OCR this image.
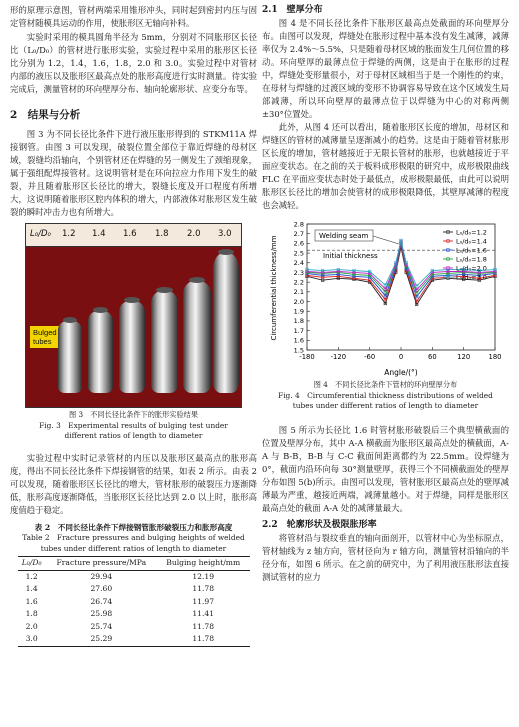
形的原理示意图，管材两端采用锥形冲头，同时起到密封内压与固定管材随模具运动的作用，使胀形区无轴向补料。

实验时采用的模具圆角半径为 5mm，分别对不同胀形区长径比（L₀/D₀）的管材进行胀形实验，实验过程中采用的胀形区长径比分别为 1.2，1.4，1.6，1.8，2.0 和 3.0。实验过程中对管材内部的液压以及胀形区最高点处的胀形高度进行实时测量。待实验完成后，测量管材的环向壁厚分布、轴向轮廓形状、应变分布等。

2　结果与分析

图 3 为不同长径比条件下进行液压胀形得到的 STKM11A 焊接钢管。由图 3 可以发现，破裂位置全部位于靠近焊缝的母材区域，裂缝均沿轴向，个别管材还在焊缝的另一侧发生了颈缩现象，属于强组配焊接管材。这说明管材是在环向拉应力作用下发生的破裂，并且随着胀形区长径比的增大，裂缝长度及开口程度有所增大，这说明随着胀形区腔内体积的增大，内部液体对胀形区发生破裂的瞬时冲击力也有所增大。

L₀/D₀ 1.2 1.4 1.6 1.8 2.0 3.0
Bulged
tubes
图 3　不同长径比条件下的胀形实验结果
Fig. 3　Experimental results of bulging test under different ratios of length to diameter

实验过程中实时记录管材的内压以及胀形区最高点的胀形高度，得出不同长径比条件下焊接钢管的结果，如表 2 所示。由表 2 可以发现，随着胀形区长径比的增大，管材胀形的破裂压力逐渐降低，胀形高度逐渐降低，当胀形区长径比达到 2.0 以上时，胀形高度值趋于稳定。

表 2　不同长径比条件下焊接钢管胀形破裂压力和胀形高度
Table 2　Fracture pressures and bulging heights of welded tubes under different ratios of length to diameter
L₀/D₀	Fracture pressure/MPa	Bulging height/mm
1.2	29.94	12.19
1.4	27.60	11.78
1.6	26.74	11.97
1.8	25.98	11.41
2.0	25.74	11.78
3.0	25.29	11.78
2.1　壁厚分布

图 4 是不同长径比条件下胀形区最高点处截面的环向壁厚分布。由图可以发现，焊缝处在胀形过程中基本没有发生减薄，减薄率仅为 2.4%～5.5%，只是随着母材区域的胀面发生几何位置的移动。环向壁厚的最薄点位于焊缝的两侧，这是由于在胀形的过程中，焊缝处变形量很小，对于母材区域相当于是一个刚性的约束，在母材与焊缝的过渡区域的变形不协调容易导致在这个区域发生局部减薄，所以环向壁厚的最薄点位于以焊缝为中心的对称两侧±30°位置处。

此外，从图 4 还可以看出，随着胀形区长度的增加，母材区和焊缝区的管材的减薄量呈逐渐减小的趋势。这是由于随着管材胀形区长度的增加，管材越接近于无限长管材的胀形，也就越接近于平面应变状态。在之前的关于板料成形极限的研究中，成形极限曲线 FLC 在平面应变状态时处于最低点，成形极限最低，由此可以说明胀形区长径比的增加会使管材的成形极限降低，其壁厚减薄的程度也会减轻。

1.5
1.6
1.7
1.8
1.9
2.0
2.1
2.2
2.3
2.4
2.5
2.6
2.7
2.8
-180 -120	-60	0	60	120	180
Welding seam
Initial thickness
L₀/d₀=1.2
L₀/d₀=1.4
L₀/d₀=1.6
L₀/d₀=1.8
L₀/d₀=2.0
L₀/d₀=3.0
Circumferential thickness/mm
Angle/(°)
图 4　不同长径比条件下管材的环向壁厚分布
Fig. 4　Circumferential thickness distributions of welded tubes under different ratios of length to diameter

图 5 所示为长径比 1.6 时管材胀形破裂后三个典型横截面的位置及壁厚分布，其中 A-A 横截面为胀形区最高点处的横截面，A-A 与 B-B，B-B 与 C-C 截面间距离都约为 22.5mm。设焊缝为 0°，截面内沿环向每 30°测量壁厚，获得三个不同横截面处的壁厚分布如图 5(b)所示。由图可以发现，管材胀形区最高点处的壁厚减薄最为严重，越接近两端，减薄量越小。对于焊缝，同样是胀形区最高点处的截面 A-A 处的减薄量最大。

2.2　轮廓形状及极限胀形率

将管材沿与裂纹垂直的轴向面剖开，以管材中心为坐标原点，管材轴线为 z 轴方向，管材径向为 r 轴方向，测量管材沿轴向的半径分布，如图 6 所示。在之前的研究中，为了利用液压胀形法直接测试管材的应力
